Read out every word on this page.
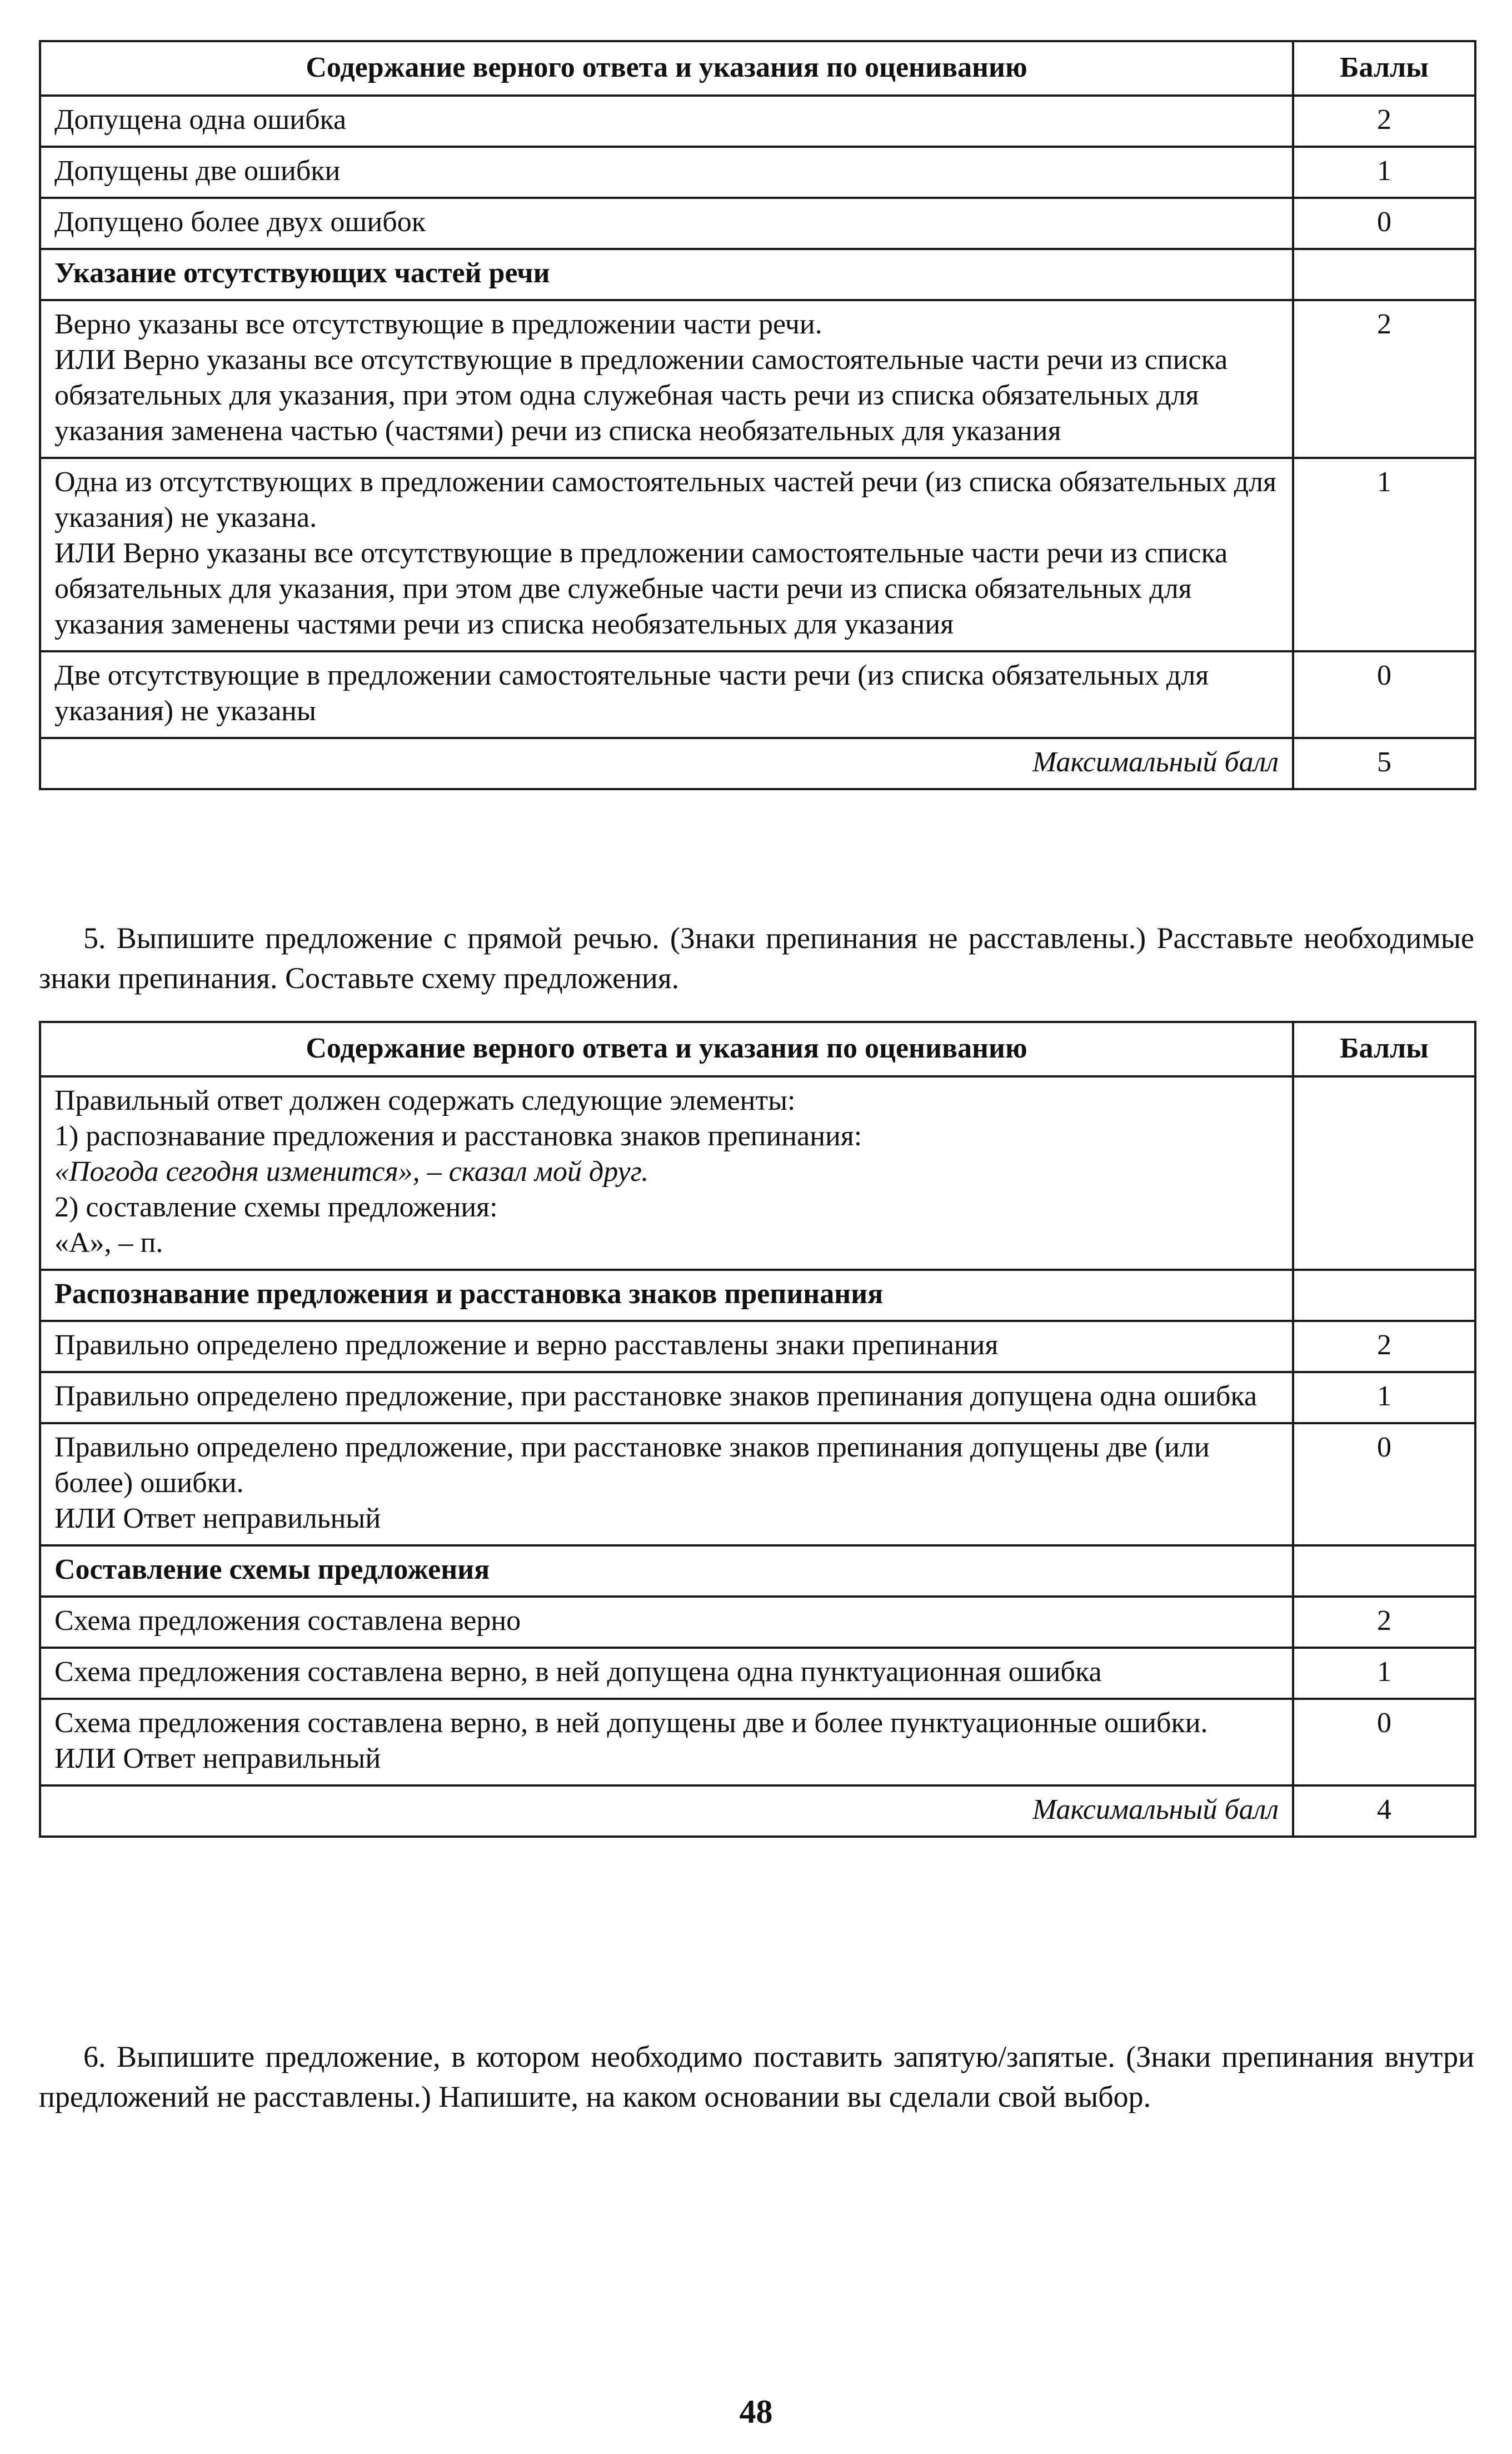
Содержание верного ответа и указания по оцениванию	Баллы
Допущена одна ошибка	2
Допущены две ошибки	1
Допущено более двух ошибок	0
Указание отсутствующих частей речи	
Верно указаны все отсутствующие в предложении части речи.
ИЛИ Верно указаны все отсутствующие в предложении самостоятельные части речи из списка обязательных для указания, при этом одна служебная часть речи из списка обязательных для указания заменена частью (частями) речи из списка необязательных для указания	2
Одна из отсутствующих в предложении самостоятельных частей речи (из списка обязательных для указания) не указана.
ИЛИ Верно указаны все отсутствующие в предложении самостоятельные части речи из списка обязательных для указания, при этом две служебные части речи из списка обязательных для указания заменены частями речи из списка необязательных для указания	1
Две отсутствующие в предложении самостоятельные части речи (из списка обязательных для указания) не указаны	0
Максимальный балл	5
5. Выпишите предложение с прямой речью. (Знаки препинания не расставлены.) Расставьте необходимые знаки препинания. Составьте схему предложения.
Содержание верного ответа и указания по оцениванию	Баллы

Правильный ответ должен содержать следующие элементы:
1) распознавание предложения и расстановка знаков препинания:
«Погода сегодня изменится», – сказал мой друг.
2) составление схемы предложения:
«А», – п.	

Распознавание предложения и расстановка знаков препинания	
Правильно определено предложение и верно расставлены знаки препинания	2
Правильно определено предложение, при расстановке знаков препинания допущена одна ошибка	1
Правильно определено предложение, при расстановке знаков препинания допущены две (или более) ошибки.
ИЛИ Ответ неправильный	0
Составление схемы предложения	
Схема предложения составлена верно	2
Схема предложения составлена верно, в ней допущена одна пунктуационная ошибка	1
Схема предложения составлена верно, в ней допущены две и более пунктуационные ошибки.
ИЛИ Ответ неправильный	0
Максимальный балл	4
6. Выпишите предложение, в котором необходимо поставить запятую/запятые. (Знаки препинания внутри предложений не расставлены.) Напишите, на каком основании вы сделали свой выбор.
48
